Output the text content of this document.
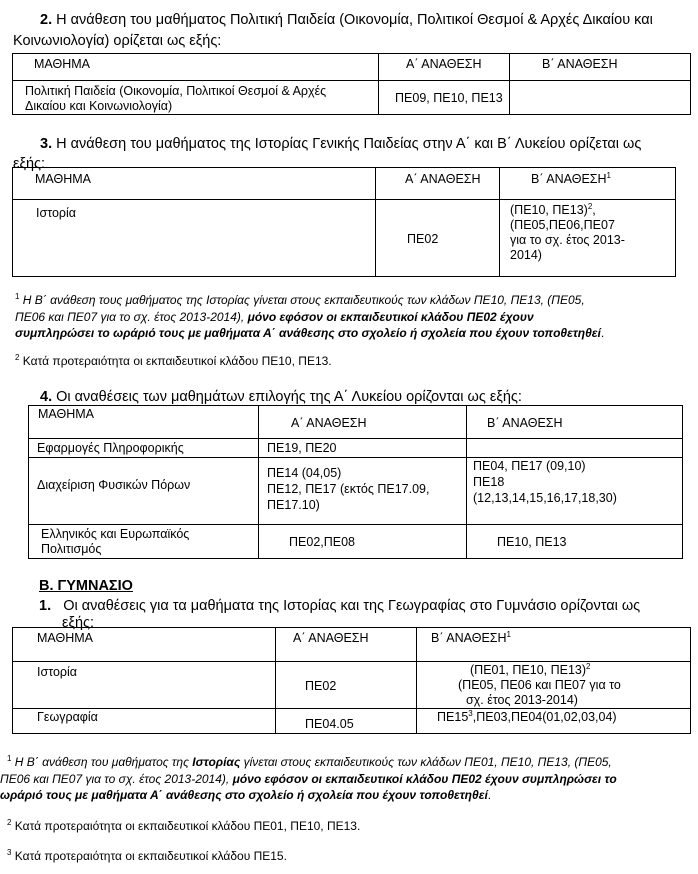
2. Η ανάθεση του μαθήματος Πολιτική Παιδεία (Οικονομία, Πολιτικοί Θεσμοί & Αρχές Δικαίου και
Κοινωνιολογία) ορίζεται ως εξής:
ΜΑΘΗΜΑ	Α΄ ΑΝΑΘΕΣΗ	Β΄ ΑΝΑΘΕΣΗ

Πολιτική Παιδεία (Οικονομία, Πολιτικοί Θεσμοί & Αρχές
Δικαίου και Κοινωνιολογία)

ΠΕ09, ΠΕ10, ΠΕ13

3. Η ανάθεση του μαθήματος της Ιστορίας Γενικής Παιδείας στην Α΄ και Β΄ Λυκείου ορίζεται ως
εξής:
ΜΑΘΗΜΑ	Α΄ ΑΝΑΘΕΣΗ	Β΄ ΑΝΑΘΕΣΗ$^1$

Ιστορία

ΠΕ02

(ΠΕ10, ΠΕ13)$^2$,
(ΠΕ05,ΠΕ06,ΠΕ07
για το σχ. έτος 2013-
2014)
$^1$ Η Β΄ ανάθεση τους μαθήματος της Ιστορίας γίνεται στους εκπαιδευτικούς των κλάδων ΠΕ10, ΠΕ13, (ΠΕ05,
ΠΕ06 και ΠΕ07 για το σχ. έτος 2013-2014), μόνο εφόσον οι εκπαιδευτικοί κλάδου ΠΕ02 έχουν
συμπληρώσει το ωράριό τους με μαθήματα Α΄ ανάθεσης στο σχολείο ή σχολεία που έχουν τοποθετηθεί.
$^2$ Κατά προτεραιότητα οι εκπαιδευτικοί κλάδου ΠΕ10, ΠΕ13.
4. Οι αναθέσεις των μαθημάτων επιλογής της Α΄ Λυκείου ορίζονται ως εξής:
ΜΑΘΗΜΑ

Α΄ ΑΝΑΘΕΣΗ	Β΄ ΑΝΑΘΕΣΗ

Εφαρμογές Πληροφορικής	ΠΕ19, ΠΕ20

Διαχείριση Φυσικών Πόρων

ΠΕ14 (04,05)
ΠΕ12, ΠΕ17 (εκτός ΠΕ17.09,
ΠΕ17.10)

ΠΕ04, ΠΕ17 (09,10)
ΠΕ18
(12,13,14,15,16,17,18,30)

Ελληνικός και Ευρωπαϊκός
Πολιτισμός	ΠΕ02,ΠΕ08	ΠΕ10, ΠΕ13
Β. ΓΥΜΝΑΣΙΟ
1. Οι αναθέσεις για τα μαθήματα της Ιστορίας και της Γεωγραφίας στο Γυμνάσιο ορίζονται ως
εξής:
ΜΑΘΗΜΑ	Α΄ ΑΝΑΘΕΣΗ	Β΄ ΑΝΑΘΕΣΗ$^1$

Ιστορία

ΠΕ02

(ΠΕ01, ΠΕ10, ΠΕ13)$^2$
(ΠΕ05, ΠΕ06 και ΠΕ07 για το
σχ. έτος 2013-2014)

Γεωγραφία	ΠΕ04.05	$\Pi E15^3,\Pi E03,\Pi E04(01,02,03,04)$
$^1$ Η Β΄ ανάθεση του μαθήματος της Ιστορίας γίνεται στους εκπαιδευτικούς των κλάδων ΠΕ01, ΠΕ10, ΠΕ13, (ΠΕ05,
ΠΕ06 και ΠΕ07 για το σχ. έτος 2013-2014), μόνο εφόσον οι εκπαιδευτικοί κλάδου ΠΕ02 έχουν συμπληρώσει το
ωράριό τους με μαθήματα Α΄ ανάθεσης στο σχολείο ή σχολεία που έχουν τοποθετηθεί.
$^2$ Κατά προτεραιότητα οι εκπαιδευτικοί κλάδου ΠΕ01, ΠΕ10, ΠΕ13.
$^3$ Κατά προτεραιότητα οι εκπαιδευτικοί κλάδου ΠΕ15.
